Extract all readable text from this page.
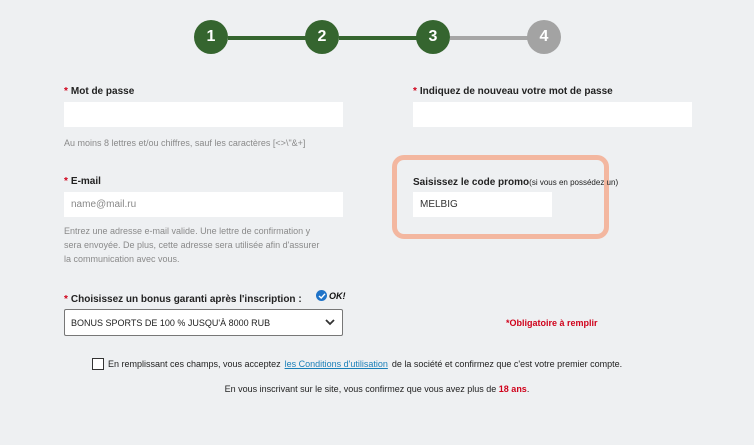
1	2	3	4
* Mot de passe
Au moins 8 lettres et/ou chiffres, sauf les caractères [<>\"&+]
* Indiquez de nouveau votre mot de passe
* E-mail
name@mail.ru
Entrez une adresse e-mail valide. Une lettre de confirmation y
sera envoyée. De plus, cette adresse sera utilisée afin d'assurer
la communication avec vous.
Saisissez le code promo(si vous en possédez un)
MELBIG
* Choisissez un bonus garanti après l'inscription :	OK!
BONUS SPORTS DE 100 % JUSQU'À 8000 RUB	*Obligatoire à remplir
En remplissant ces champs, vous acceptez les Conditions d'utilisation de la société et confirmez que c'est votre premier compte.
En vous inscrivant sur le site, vous confirmez que vous avez plus de 18 ans.
